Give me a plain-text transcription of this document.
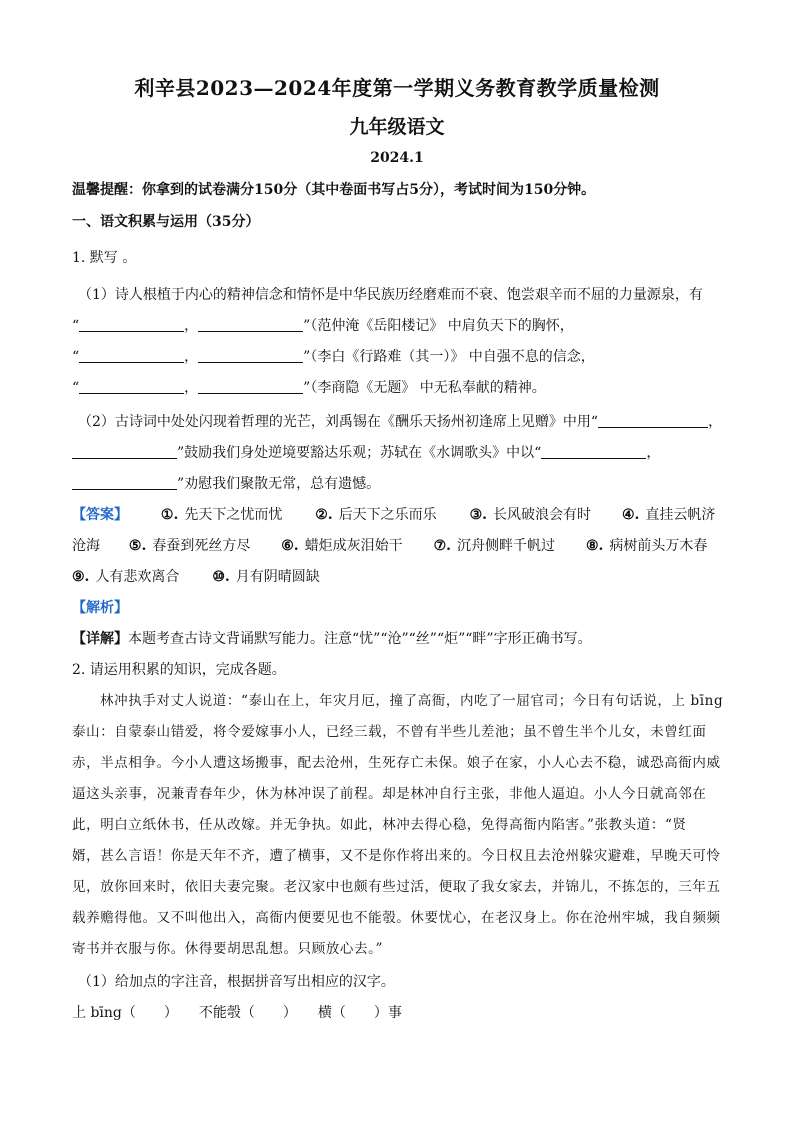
利辛县2023—2024年度第一学期义务教育教学质量检测
九年级语文
2024.1
温馨提醒：你拿到的试卷满分150分（其中卷面书写占5分），考试时间为150分钟。
一、语文积累与运用（35分）
1. 默写 。
（1）诗人根植于内心的精神信念和情怀是中华民族历经磨难而不衰、饱尝艰辛而不屈的力量源泉，有
“	，	”（范仲淹《岳阳楼记》 中肩负天下的胸怀，
“	，	”（李白《行路难（其一）》 中自强不息的信念，
“	，	”（李商隐《无题》 中无私奉献的精神。
（2）古诗词中处处闪现着哲理的光芒，刘禹锡在《酬乐天扬州初逢席上见赠》中用“	，
”鼓励我们身处逆境要豁达乐观；苏轼在《水调歌头》中以“	，
”劝慰我们聚散无常，总有遗憾。
【答案】 ①. 先天下之忧而忧 ②. 后天下之乐而乐 ③. 长风破浪会有时 ④. 直挂云帆济
沧海 ⑤. 春蚕到死丝方尽 ⑥. 蜡炬成灰泪始干 ⑦. 沉舟侧畔千帆过 ⑧. 病树前头万木春
⑨. 人有悲欢离合 ⑩. 月有阴晴圆缺
【解析】
【详解】本题考查古诗文背诵默写能力。注意“忧”“沧”“丝”“炬”“畔”字形正确书写。
2. 请运用积累的知识，完成各题。
林冲执手对丈人说道：“泰山在上，年灾月厄，撞了高衙，内吃了一屈官司；今日有句话说，上 bīng
泰山：自蒙泰山错爱，将令爱嫁事小人，已经三载，不曾有半些儿差池；虽不曾生半个儿女，未曾红面
赤，半点相争。今小人遭这场搬事，配去沧州，生死存亡未保。娘子在家，小人心去不稳，诚恐高衙内威
逼这头亲事，况兼青春年少，休为林冲误了前程。却是林冲自行主张，非他人逼迫。小人今日就高邻在
此，明白立纸休书，任从改嫁。并无争执。如此，林冲去得心稳，免得高衙内陷害。”张教头道：“贤
婿，甚么言语！你是天年不齐，遭了横事，又不是你作将出来的。今日权且去沧州躲灾避难，早晚天可怜
见，放你回来时，依旧夫妻完聚。老汉家中也颇有些过活，便取了我女家去，并锦儿，不拣怎的，三年五
载养赡得他。又不叫他出入，高衙内便要见也不能彀。休要忧心，在老汉身上。你在沧州牢城，我自频频
寄书并衣服与你。休得要胡思乱想。只顾放心去。”
（1）给加点的字注音，根据拼音写出相应的汉字。
上 bīng（　　）　　不能彀（　　）　　横（　　）事
